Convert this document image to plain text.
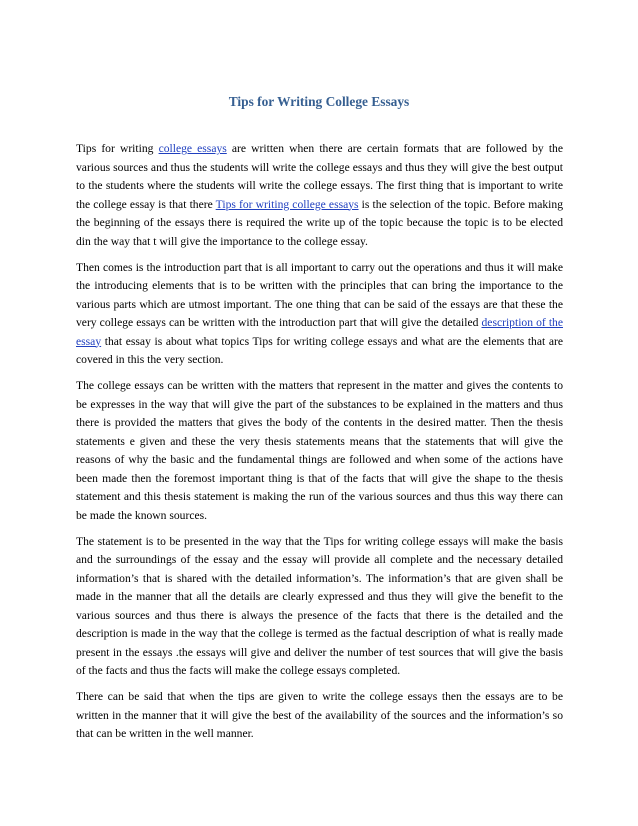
Tips for Writing College Essays

Tips for writing college essays are written when there are certain formats that are followed by the various sources and thus the students will write the college essays and thus they will give the best output to the students where the students will write the college essays. The first thing that is important to write the college essay is that there Tips for writing college essays is the selection of the topic. Before making the beginning of the essays there is required the write up of the topic because the topic is to be elected din the way that t will give the importance to the college essay.

Then comes is the introduction part that is all important to carry out the operations and thus it will make the introducing elements that is to be written with the principles that can bring the importance to the various parts which are utmost important. The one thing that can be said of the essays are that these the very college essays can be written with the introduction part that will give the detailed description of the essay that essay is about what topics Tips for writing college essays and what are the elements that are covered in this the very section.

The college essays can be written with the matters that represent in the matter and gives the contents to be expresses in the way that will give the part of the substances to be explained in the matters and thus there is provided the matters that gives the body of the contents in the desired matter. Then the thesis statements e given and these the very thesis statements means that the statements that will give the reasons of why the basic and the fundamental things are followed and when some of the actions have been made then the foremost important thing is that of the facts that will give the shape to the thesis statement and this thesis statement is making the run of the various sources and thus this way there can be made the known sources.

The statement is to be presented in the way that the Tips for writing college essays will make the basis and the surroundings of the essay and the essay will provide all complete and the necessary detailed information’s that is shared with the detailed information’s. The information’s that are given shall be made in the manner that all the details are clearly expressed and thus they will give the benefit to the various sources and thus there is always the presence of the facts that there is the detailed and the description is made in the way that the college is termed as the factual description of what is really made present in the essays .the essays will give and deliver the number of test sources that will give the basis of the facts and thus the facts will make the college essays completed.

There can be said that when the tips are given to write the college essays then the essays are to be written in the manner that it will give the best of the availability of the sources and the information’s so that can be written in the well manner.
